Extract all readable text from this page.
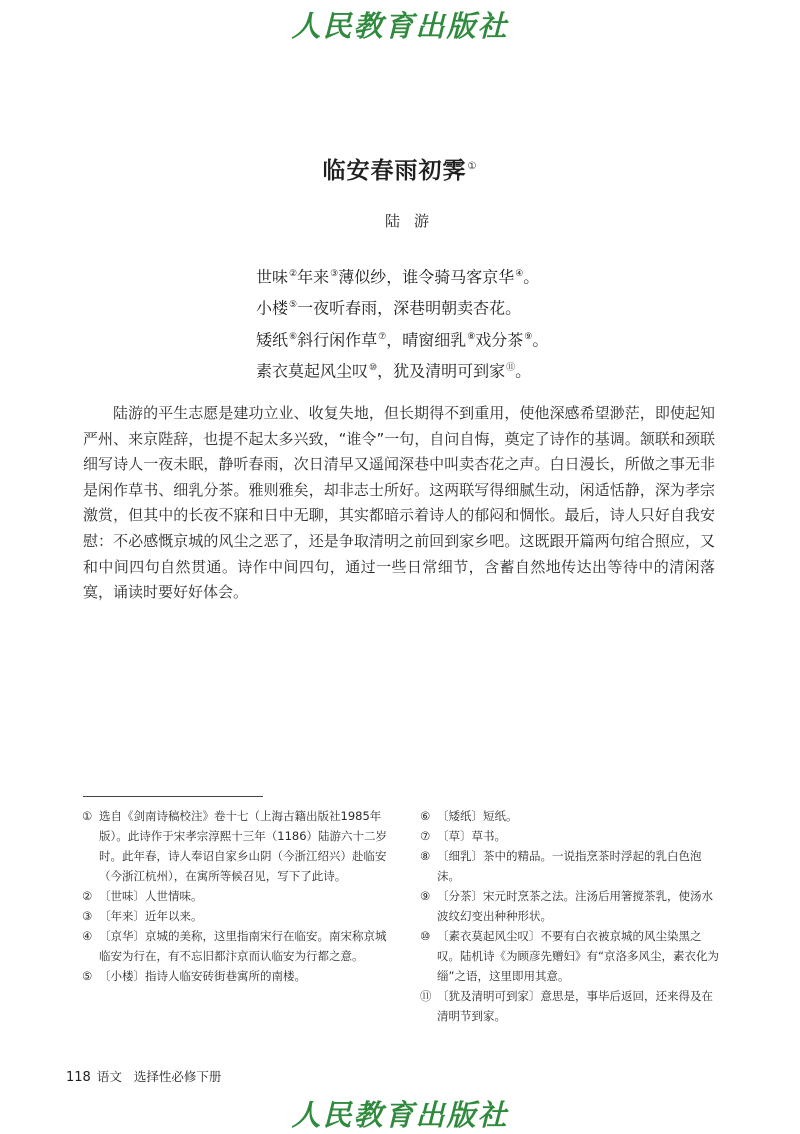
人民教育出版社
临安春雨初霁①
陆游
世味②年来③薄似纱，谁令骑马客京华④。
小楼⑤一夜听春雨，深巷明朝卖杏花。
矮纸⑥斜行闲作草⑦，晴窗细乳⑧戏分茶⑨。
素衣莫起风尘叹⑩，犹及清明可到家⑪。

陆游的平生志愿是建功立业、收复失地，但长期得不到重用，使他深感希望渺茫，即使起知严州、来京陛辞，也提不起太多兴致，“谁令”一句，自问自悔，奠定了诗作的基调。颔联和颈联细写诗人一夜未眠，静听春雨，次日清早又遥闻深巷中叫卖杏花之声。白日漫长，所做之事无非是闲作草书、细乳分茶。雅则雅矣，却非志士所好。这两联写得细腻生动，闲适恬静，深为孝宗激赏，但其中的长夜不寐和日中无聊，其实都暗示着诗人的郁闷和惆怅。最后，诗人只好自我安慰：不必感慨京城的风尘之恶了，还是争取清明之前回到家乡吧。这既跟开篇两句绾合照应，又和中间四句自然贯通。诗作中间四句，通过一些日常细节，含蓄自然地传达出等待中的清闲落寞，诵读时要好好体会。

① 选自《剑南诗稿校注》卷十七（上海古籍出版社1985年版）。此诗作于宋孝宗淳熙十三年（1186）陆游六十二岁时。此年春，诗人奉诏自家乡山阴（今浙江绍兴）赴临安（今浙江杭州），在寓所等候召见，写下了此诗。

② 〔世味〕人世情味。

③ 〔年来〕近年以来。

④ 〔京华〕京城的美称，这里指南宋行在临安。南宋称京城临安为行在，有不忘旧都汴京而认临安为行都之意。

⑤ 〔小楼〕指诗人临安砖街巷寓所的南楼。

⑥ 〔矮纸〕短纸。

⑦ 〔草〕草书。

⑧ 〔细乳〕茶中的精品。一说指烹茶时浮起的乳白色泡沫。

⑨ 〔分茶〕宋元时烹茶之法。注汤后用箸搅茶乳，使汤水波纹幻变出种种形状。

⑩ 〔素衣莫起风尘叹〕不要有白衣被京城的风尘染黑之叹。陆机诗《为顾彦先赠妇》有“京洛多风尘，素衣化为缁”之语，这里即用其意。

⑪ 〔犹及清明可到家〕意思是，事毕后返回，还来得及在清明节到家。

118 语文 选择性必修下册
人民教育出版社
